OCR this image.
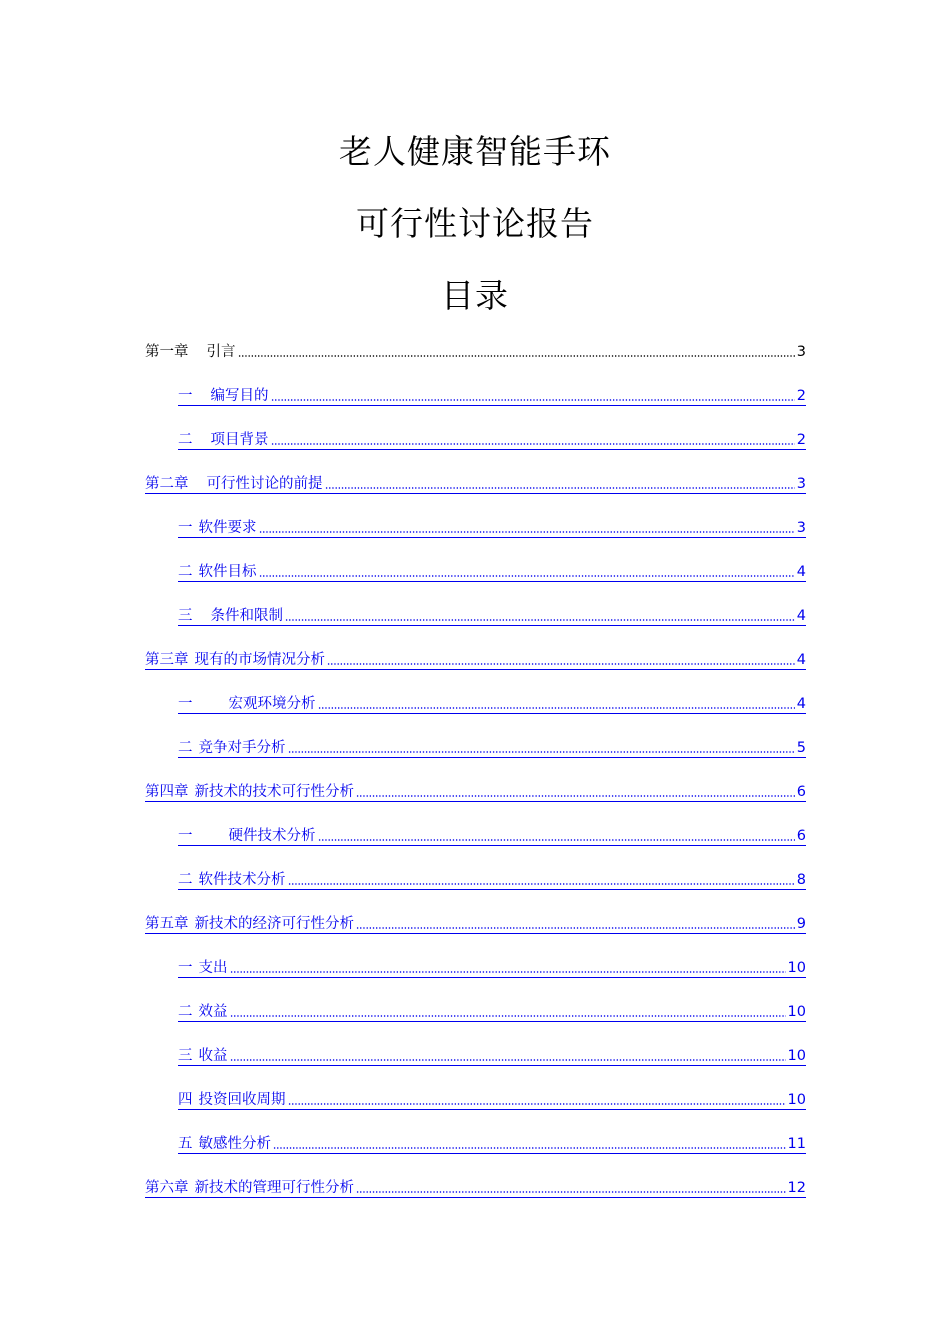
老人健康智能手环
可行性讨论报告
目录
第一章 引言	3
一 编写目的	2
二 项目背景	2
第二章 可行性讨论的前提	3
一 软件要求	3
二 软件目标	4
三 条件和限制	4
第三章 现有的市场情况分析	4
一 宏观环境分析	4
二 竞争对手分析	5
第四章 新技术的技术可行性分析	6
一 硬件技术分析	6
二 软件技术分析	8
第五章 新技术的经济可行性分析	9
一 支出	10
二 效益	10
三 收益	10
四 投资回收周期	10
五 敏感性分析	11
第六章 新技术的管理可行性分析	12
